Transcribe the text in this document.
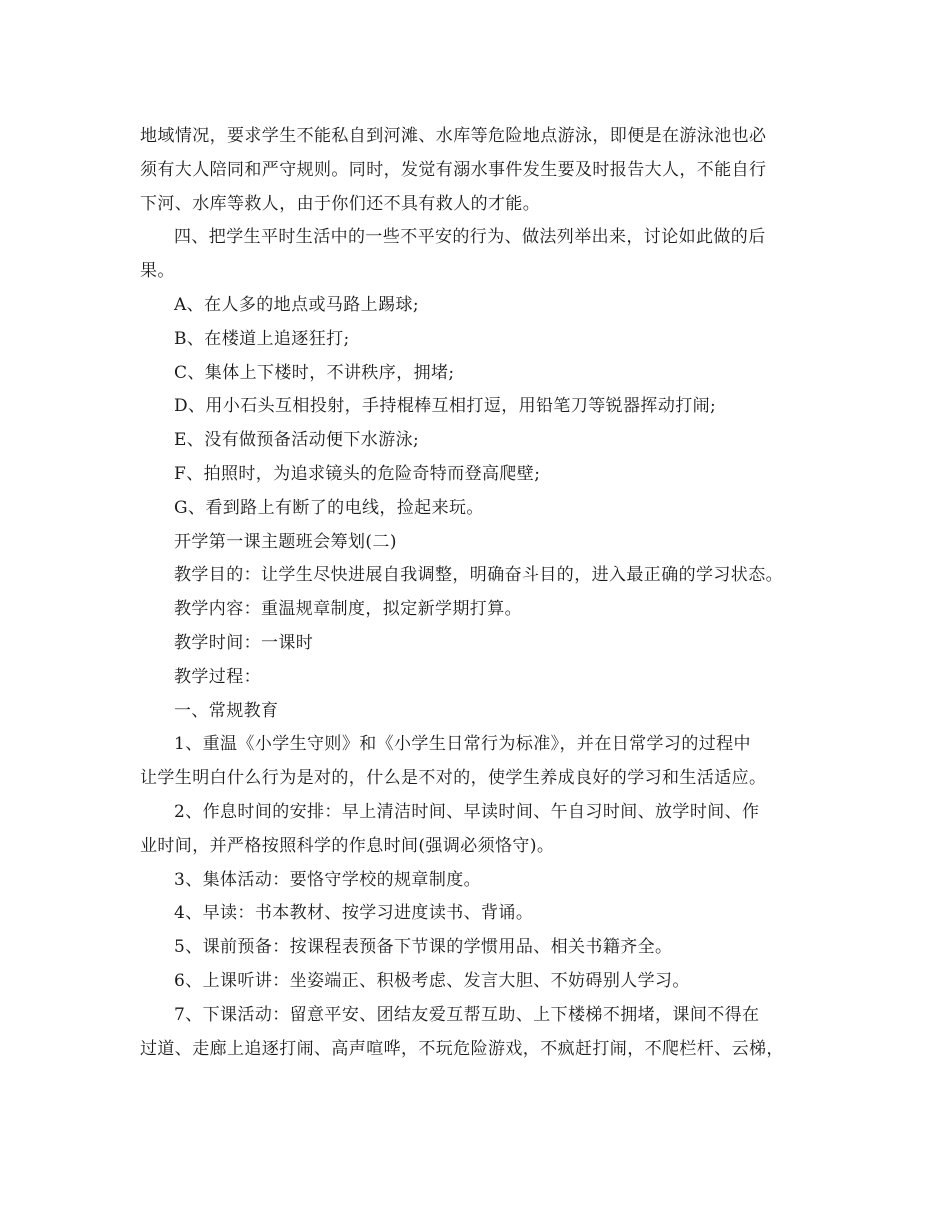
地域情况，要求学生不能私自到河滩、水库等危险地点游泳，即便是在游泳池也必
须有大人陪同和严守规则。同时，发觉有溺水事件发生要及时报告大人，不能自行
下河、水库等救人，由于你们还不具有救人的才能。
四、把学生平时生活中的一些不平安的行为、做法列举出来，讨论如此做的后
果。
A、在人多的地点或马路上踢球;
B、在楼道上追逐狂打;
C、集体上下楼时，不讲秩序，拥堵;
D、用小石头互相投射，手持棍棒互相打逗，用铅笔刀等锐器挥动打闹;
E、没有做预备活动便下水游泳;
F、拍照时，为追求镜头的危险奇特而登高爬壁;
G、看到路上有断了的电线，捡起来玩。
开学第一课主题班会筹划(二)
教学目的：让学生尽快进展自我调整，明确奋斗目的，进入最正确的学习状态。
教学内容：重温规章制度，拟定新学期打算。
教学时间：一课时
教学过程：
一、常规教育
1、重温《小学生守则》和《小学生日常行为标准》，并在日常学习的过程中
让学生明白什么行为是对的，什么是不对的，使学生养成良好的学习和生活适应。
2、作息时间的安排：早上清洁时间、早读时间、午自习时间、放学时间、作
业时间，并严格按照科学的作息时间(强调必须恪守)。
3、集体活动：要恪守学校的规章制度。
4、早读：书本教材、按学习进度读书、背诵。
5、课前预备：按课程表预备下节课的学惯用品、相关书籍齐全。
6、上课听讲：坐姿端正、积极考虑、发言大胆、不妨碍别人学习。
7、下课活动：留意平安、团结友爱互帮互助、上下楼梯不拥堵，课间不得在
过道、走廊上追逐打闹、高声喧哗，不玩危险游戏，不疯赶打闹，不爬栏杆、云梯，
